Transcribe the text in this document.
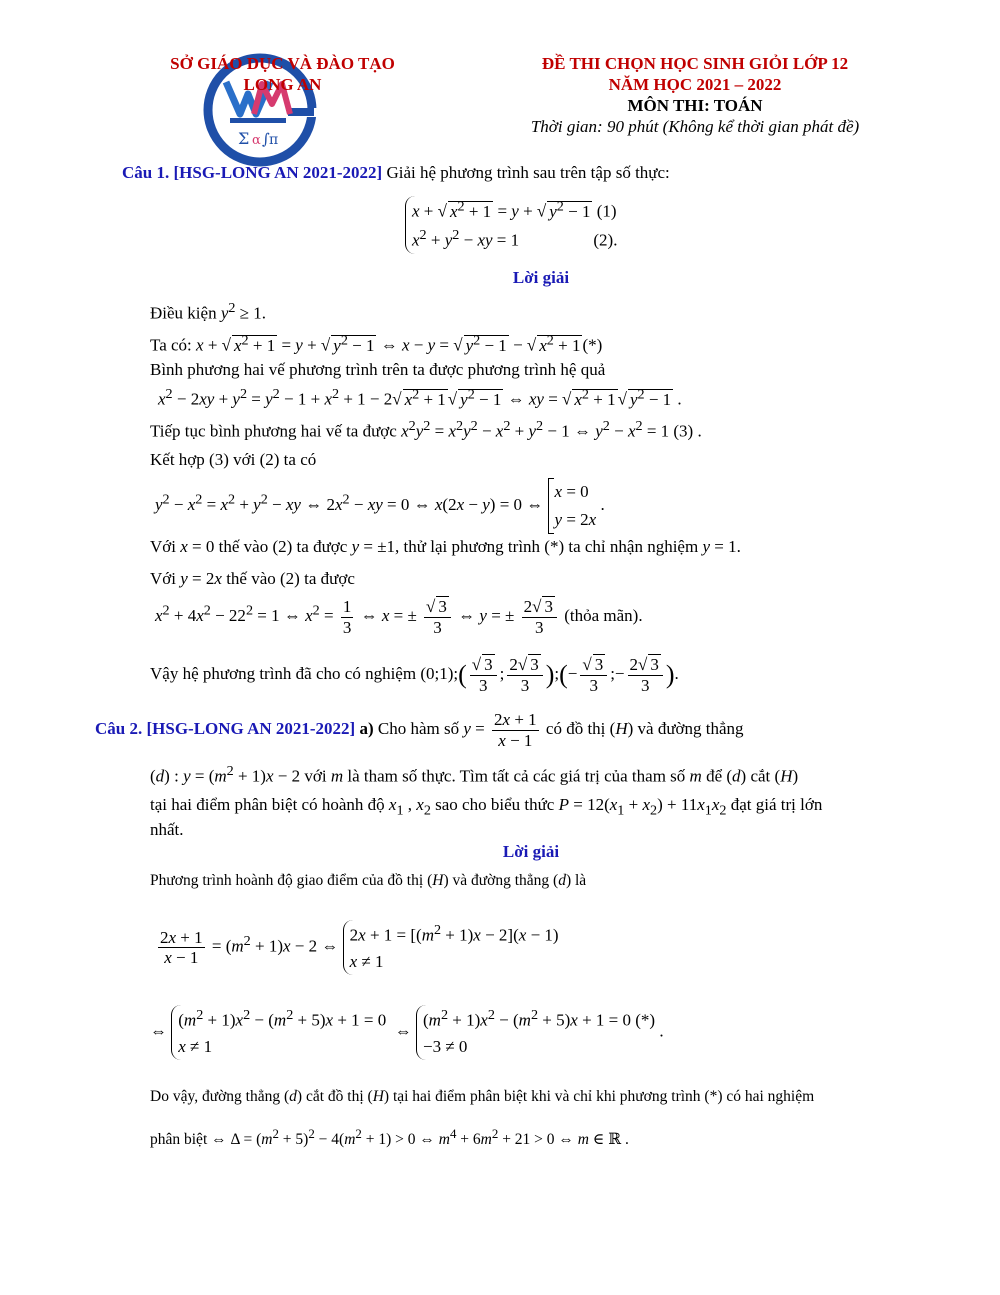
Σ α ∫ π
SỞ GIÁO DỤC VÀ ĐÀO TẠO
LONG AN
ĐỀ THI CHỌN HỌC SINH GIỎI LỚP 12
NĂM HỌC 2021 – 2022
MÔN THI: TOÁN
Thời gian: 90 phút (Không kể thời gian phát đề)
Câu 1. [HSG-LONG AN 2021-2022] Giải hệ phương trình sau trên tập số thực:
x + √ $x^2 + 1 = y$ + √ $y^2 - 1$ (1)
$x^2 + y^2$ − xy = 1	(2).
Lời giải
Điều kiện $y^2 \ge 1$.
Ta có: x + √ $x^2 + 1 = y$ + √ $y^2 - 1$ ⇔ x − y = √ $y^2 - 1$ − √ $x^2 + 1$ (*)
Bình phương hai vế phương trình trên ta được phương trình hệ quả
$x^2 - 2xy + y^2 = y^2 - 1 + x^2 + 1 - 2√$ $x^2 + 1$ √ $y^2 - 1$ ⇔ xy = √ $x^2 + 1$ √ $y^2 - 1$ .
Tiếp tục bình phương hai vế ta được $x^2y^2 = x^2y^2 - x^2 + y^2 - 1$ ⇔ $y^2 - x^2 = 1$ (3) .
Kết hợp (3) với (2) ta có
$y^2 - x^2 = x^2 + y^2$ − xy ⇔ $2x^2$ − xy = 0 ⇔ x(2x − y) = 0 ⇔
x = 0
y = 2x
.
Với x = 0 thế vào (2) ta được y = ±1, thử lại phương trình (*) ta chỉ nhận nghiệm y = 1.
Với y = 2x thế vào (2) ta được
$x^2 + 4x^2 - 22^2 = 1$ ⇔ $x^2 = \frac{1}{3}$ ⇔ x = ± $\frac{√ 3}{3}$ ⇔ y = ± $\frac{2√ 3}{3}$ (thỏa mãn).
Vậy hệ phương trình đã cho có nghiệm (0;1);( $\frac{√ 3}{3}$ ; $\frac{2√ 3}{3}$ );(− $\frac{√ 3}{3}$ ;− $\frac{2√ 3}{3}$ ).
Câu 2. [HSG-LONG AN 2021-2022] a) Cho hàm số $y = \frac{2x + 1}{x - 1}$ có đồ thị (H) và đường thẳng
(d) : $y = (m^2 + 1)x - 2$ với m là tham số thực. Tìm tất cả các giá trị của tham số m để (d) cắt (H)
tại hai điểm phân biệt có hoành độ $x_1$ , $x_2$ sao cho biểu thức $P = 12(x_1 + x_2) + 11x_1x_2$ đạt giá trị lớn
nhất.
Lời giải
Phương trình hoành độ giao điểm của đồ thị (H) và đường thẳng (d) là
$\frac{2x + 1}{x - 1} = (m^2 + 1)x - 2$ ⇔
$2x + 1 = [(m^2 + 1)x - 2](x - 1)$
x ≠ 1
⇔
$(m^2 + 1)x^2 - (m^2 + 5)x + 1 = 0$
x ≠ 1
⇔
$(m^2 + 1)x^2 - (m^2 + 5)x + 1 = 0$ (*)
−3 ≠ 0
.
Do vậy, đường thẳng (d) cắt đồ thị (H) tại hai điểm phân biệt khi và chỉ khi phương trình (*) có hai nghiệm
phân biệt ⇔ $\Delta = (m^2 + 5)^2 - 4(m^2 + 1) > 0$ ⇔ $m^4 + 6m^2 + 21 > 0$ ⇔ m ∈ ℝ .
